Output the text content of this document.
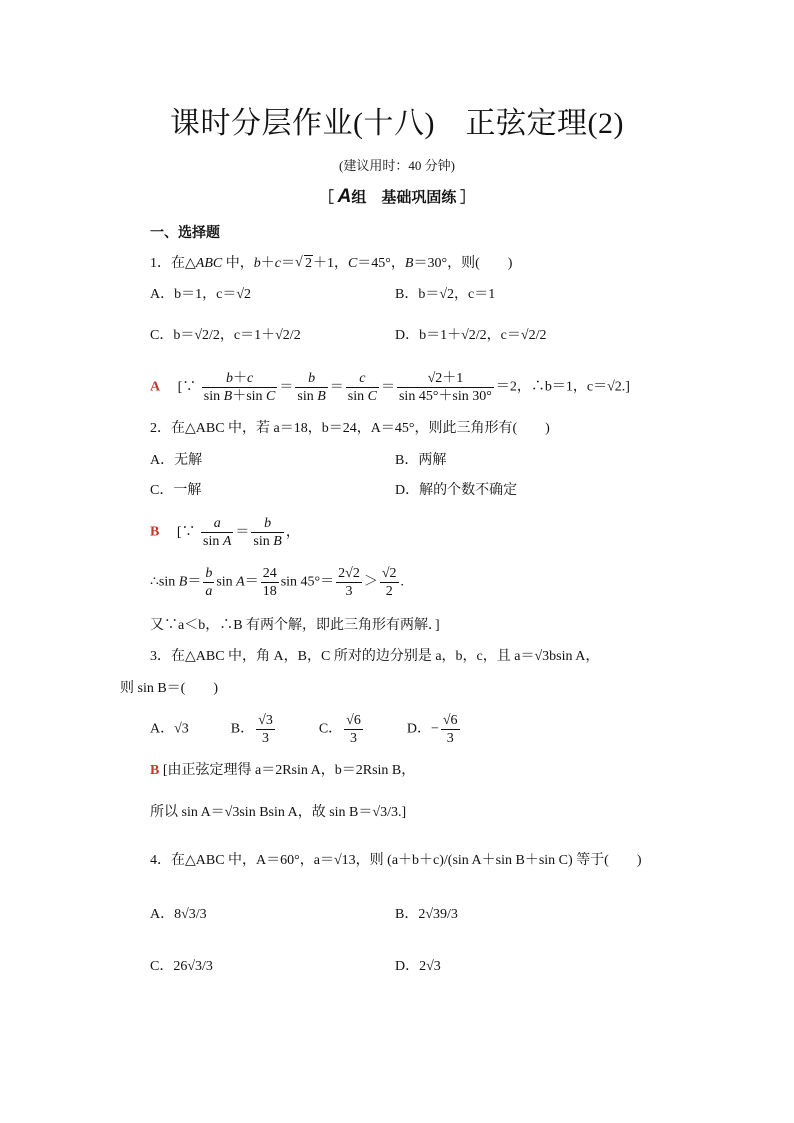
课时分层作业(十八)　正弦定理(2)
(建议用时：40 分钟)
［ A组　基础巩固练 ］
一、选择题
1．在△ABC 中，b＋c＝√ 2＋1，C＝45°，B＝30°，则(　　)
A．b＝1，c＝√2	B．b＝√2，c＝1
C．b＝√2/2，c＝1＋√2/2	D．b＝1＋√2/2，c＝√2/2
A 　[∵ $\frac{b+c}{\text{sin B＋sin C}} = \frac{b}{\text{sin B}} = \frac{c}{\text{sin C}} = \frac{√2+1}{\sin 45^\circ+\sin 30^\circ} =2$，∴b＝1，c＝√2.]
2．在△ABC 中，若 a＝18，b＝24，A＝45°，则此三角形有(　　)
A．无解	B．两解
C．一解	D．解的个数不确定
B 　[∵ $\frac{a}{\text{sin A}} = \frac{b}{\text{sin B}}$ ，
∴sin $B= \frac{b}{a}$ $\sin A= \frac{24}{18}$ $\sin 45^\circ= \frac{2√2}{3} > \frac{√2}{2}$ .
又∵a＜b，∴B 有两个解，即此三角形有两解．]
3．在△ABC 中，角 A，B，C 所对的边分别是 a，b，c，且 a＝√3bsin A，
则 sin B＝(　　)
A．√3　　　B． $\frac{√3}{3}$ 　　　C． $\frac{√6}{3}$ 　　　D．− $\frac{√6}{3}$
B [由正弦定理得 a＝2Rsin A，b＝2Rsin B，
所以 sin A＝√3sin Bsin A，故 sin B＝√3/3.]
4．在△ABC 中，A＝60°，a＝√13，则 (a＋b＋c)/(sin A＋sin B＋sin C) 等于(　　)
A．8√3/3	B．2√39/3
C．26√3/3	D．2√3
